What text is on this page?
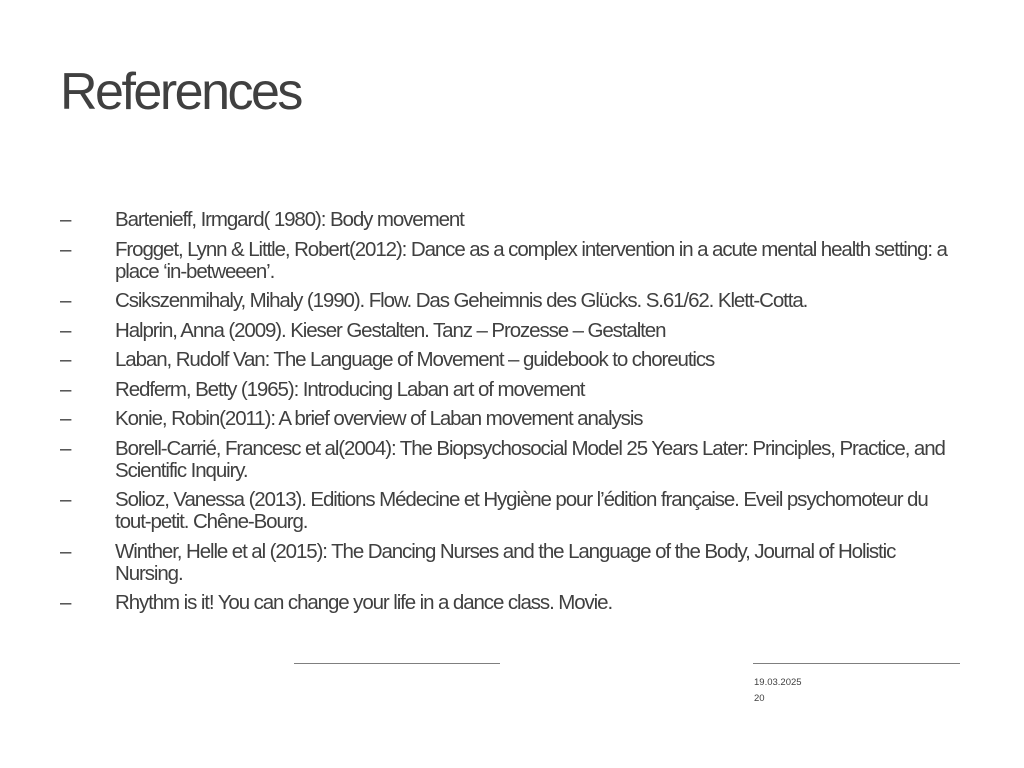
References
–	Bartenieff, Irmgard( 1980): Body movement
–	Frogget, Lynn & Little, Robert(2012): Dance as a complex intervention in a acute mental health setting: a place ‘in-betweeen’.
–	Csikszenmihaly, Mihaly (1990). Flow. Das Geheimnis des Glücks. S.61/62. Klett-Cotta.
–	Halprin, Anna (2009). Kieser Gestalten. Tanz – Prozesse – Gestalten
–	Laban, Rudolf Van: The Language of Movement – guidebook to choreutics
–	Redferm, Betty (1965): Introducing Laban art of movement
–	Konie, Robin(2011): A brief overview of Laban movement analysis
–	Borell-Carrié, Francesc et al(2004): The Biopsychosocial Model 25 Years Later: Principles, Practice, and Scientific Inquiry.
–	Solioz, Vanessa (2013). Editions Médecine et Hygiène pour l’édition française. Eveil psychomoteur du tout-petit. Chêne-Bourg.
–	Winther, Helle et al (2015): The Dancing Nurses and the Language of the Body, Journal of Holistic Nursing.
–	Rhythm is it! You can change your life in a dance class. Movie.
19.03.2025
20
